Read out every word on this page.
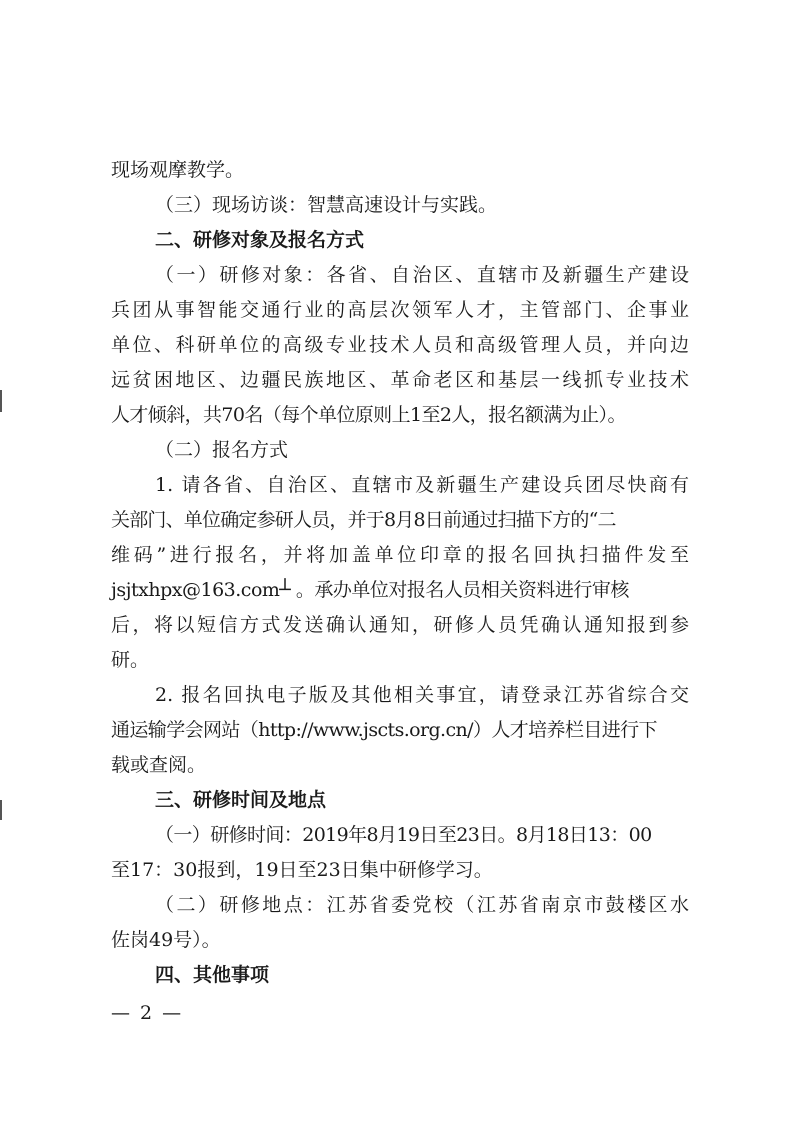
现场观摩教学。
（三）现场访谈：智慧高速设计与实践。
二、研修对象及报名方式
（一）研修对象：各省、自治区、直辖市及新疆生产建设
兵团从事智能交通行业的高层次领军人才，主管部门、企事业
单位、科研单位的高级专业技术人员和高级管理人员，并向边
远贫困地区、边疆民族地区、革命老区和基层一线抓专业技术
人才倾斜，共70名（每个单位原则上1至2人，报名额满为止）。
（二）报名方式
1. 请各省、自治区、直辖市及新疆生产建设兵团尽快商有
关部门、单位确定参研人员，并于8月8日前通过扫描下方的“二
维码”进行报名，并将加盖单位印章的报名回执扫描件发至
jsjtxhpx@163.com┴ 。承办单位对报名人员相关资料进行审核
后，将以短信方式发送确认通知，研修人员凭确认通知报到参
研。
2. 报名回执电子版及其他相关事宜，请登录江苏省综合交
通运输学会网站（http://www.jscts.org.cn/）人才培养栏目进行下
载或查阅。
三、研修时间及地点
（一）研修时间：2019年8月19日至23日。8月18日13：00
至17：30报到，19日至23日集中研修学习。
（二）研修地点：江苏省委党校（江苏省南京市鼓楼区水
佐岗49号）。
四、其他事项
— 2 —
